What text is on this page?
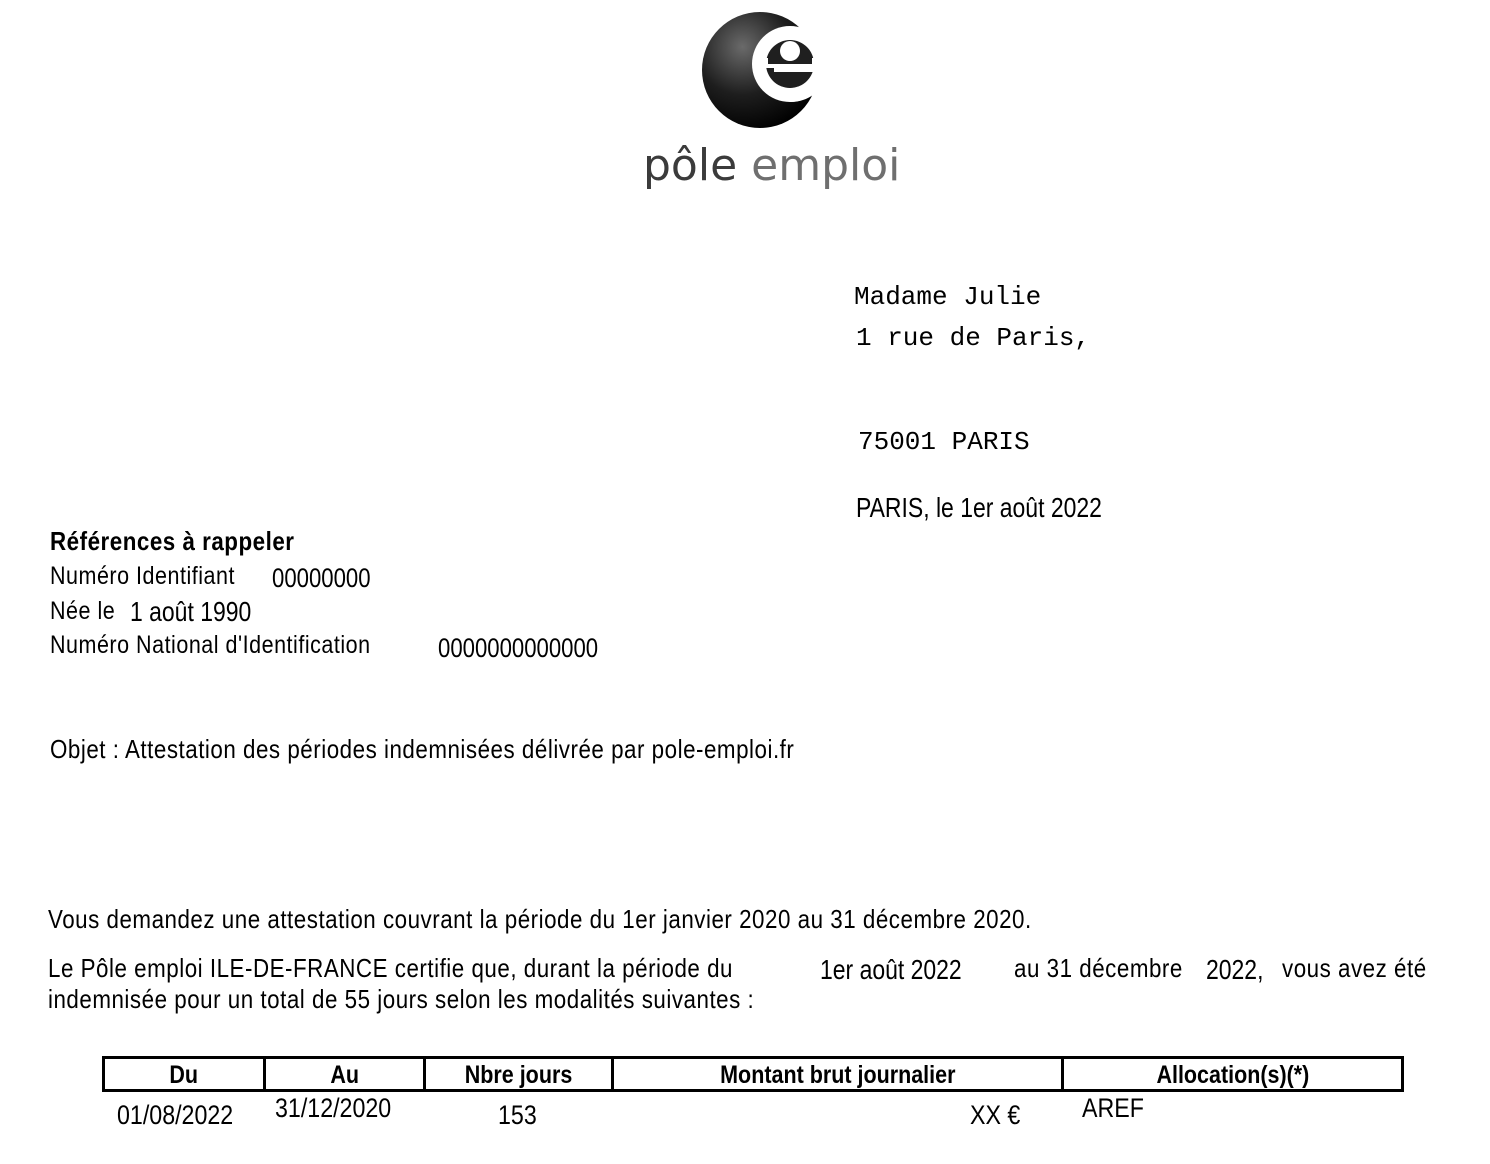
pôle emploi
Madame Julie
1 rue de Paris,
75001 PARIS
PARIS, le 1er août 2022
Références à rappeler
Numéro Identifiant	00000000
Née le 1 août 1990
Numéro National d'Identification 0000000000000
Objet : Attestation des périodes indemnisées délivrée par pole-emploi.fr
Vous demandez une attestation couvrant la période du 1er janvier 2020 au 31 décembre 2020.
Le Pôle emploi ILE-DE-FRANCE certifie que, durant la période du	1er août 2022 au 31 décembre 2022, vous avez été
indemnisée pour un total de 55 jours selon les modalités suivantes :
Du	Au	Nbre jours	Montant brut journalier	Allocation(s)(*)
01/08/2022 31/12/2020	153	XX € AREF
